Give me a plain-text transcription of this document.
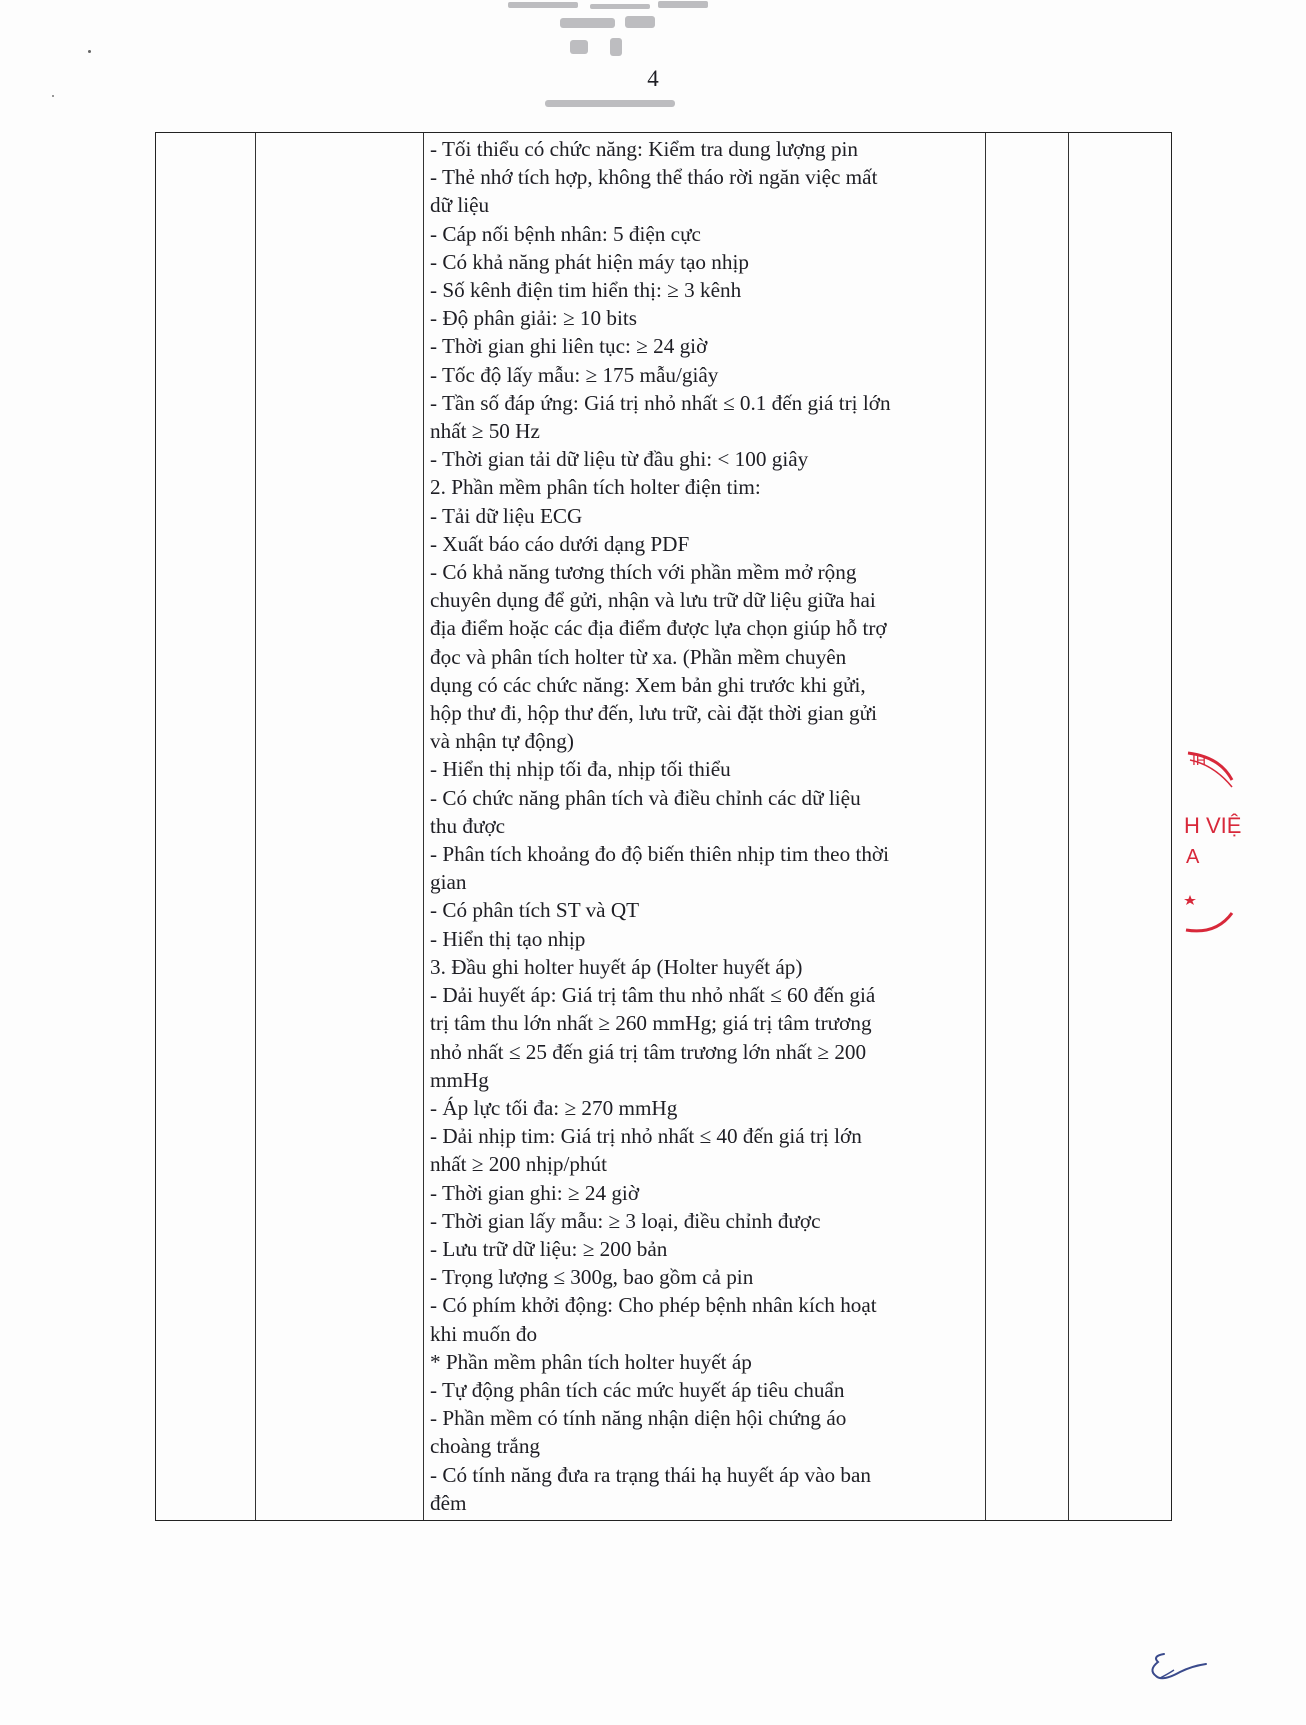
4
- Tối thiểu có chức năng: Kiểm tra dung lượng pin
- Thẻ nhớ tích hợp, không thể tháo rời ngăn việc mất
dữ liệu
- Cáp nối bệnh nhân: 5 điện cực
- Có khả năng phát hiện máy tạo nhịp
- Số kênh điện tim hiển thị: ≥ 3 kênh
- Độ phân giải: ≥ 10 bits
- Thời gian ghi liên tục: ≥ 24 giờ
- Tốc độ lấy mẫu: ≥ 175 mẫu/giây
- Tần số đáp ứng: Giá trị nhỏ nhất ≤ 0.1 đến giá trị lớn
nhất ≥ 50 Hz
- Thời gian tải dữ liệu từ đầu ghi: < 100 giây
2. Phần mềm phân tích holter điện tim:
- Tải dữ liệu ECG
- Xuất báo cáo dưới dạng PDF
- Có khả năng tương thích với phần mềm mở rộng
chuyên dụng để gửi, nhận và lưu trữ dữ liệu giữa hai
địa điểm hoặc các địa điểm được lựa chọn giúp hỗ trợ
đọc và phân tích holter từ xa. (Phần mềm chuyên
dụng có các chức năng: Xem bản ghi trước khi gửi,
hộp thư đi, hộp thư đến, lưu trữ, cài đặt thời gian gửi
và nhận tự động)
- Hiển thị nhịp tối đa, nhịp tối thiểu
- Có chức năng phân tích và điều chỉnh các dữ liệu
thu được
- Phân tích khoảng đo độ biến thiên nhịp tim theo thời
gian
- Có phân tích ST và QT
- Hiển thị tạo nhịp
3. Đầu ghi holter huyết áp (Holter huyết áp)
- Dải huyết áp: Giá trị tâm thu nhỏ nhất ≤ 60 đến giá
trị tâm thu lớn nhất ≥ 260 mmHg; giá trị tâm trương
nhỏ nhất ≤ 25 đến giá trị tâm trương lớn nhất ≥ 200
mmHg
- Áp lực tối đa: ≥ 270 mmHg
- Dải nhịp tim: Giá trị nhỏ nhất ≤ 40 đến giá trị lớn
nhất ≥ 200 nhịp/phút
- Thời gian ghi: ≥ 24 giờ
- Thời gian lấy mẫu: ≥ 3 loại, điều chỉnh được
- Lưu trữ dữ liệu: ≥ 200 bản
- Trọng lượng ≤ 300g, bao gồm cả pin
- Có phím khởi động: Cho phép bệnh nhân kích hoạt
khi muốn đo
* Phần mềm phân tích holter huyết áp
- Tự động phân tích các mức huyết áp tiêu chuẩn
- Phần mềm có tính năng nhận diện hội chứng áo
choàng trắng
- Có tính năng đưa ra trạng thái hạ huyết áp vào ban
đêm
IH
H VIỆ
A
